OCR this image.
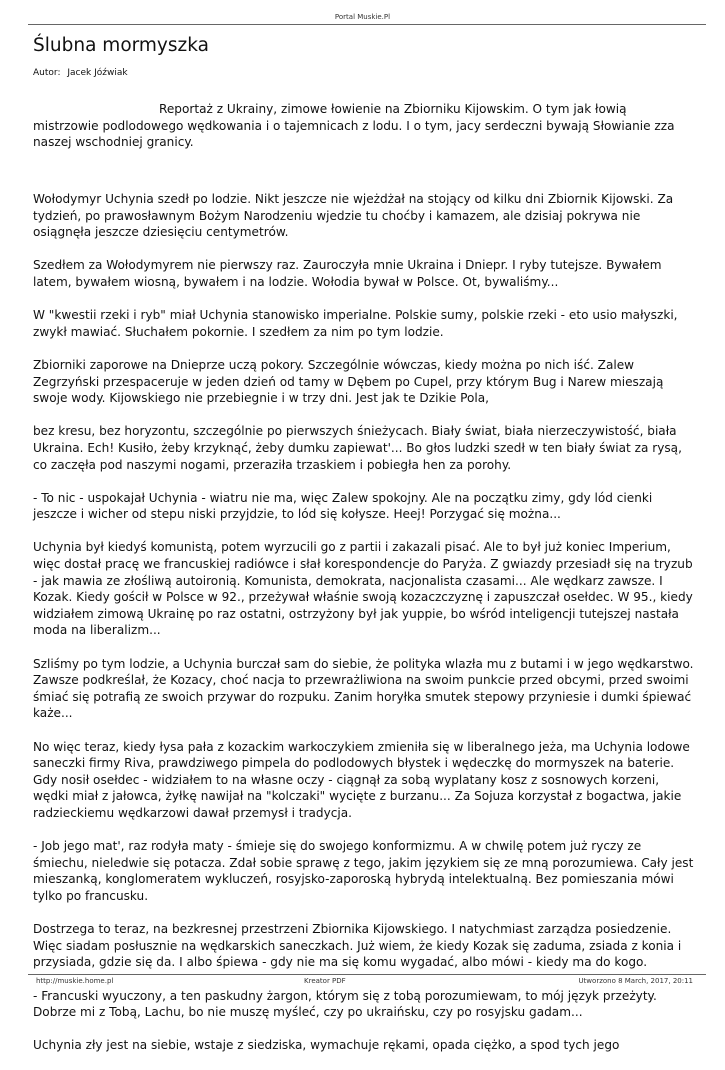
Portal Muskie.Pl
Ślubna mormyszka
Autor: Jacek Jóźwiak

Reportaż z Ukrainy, zimowe łowienie na Zbiorniku Kijowskim. O tym jak łowią mistrzowie podlodowego wędkowania i o tajemnicach z lodu. I o tym, jacy serdeczni bywają Słowianie zza naszej wschodniej granicy.

Wołodymyr Uchynia szedł po lodzie. Nikt jeszcze nie wjeżdżał na stojący od kilku dni Zbiornik Kijowski. Za tydzień, po prawosławnym Bożym Narodzeniu wjedzie tu choćby i kamazem, ale dzisiaj pokrywa nie osiągnęła jeszcze dziesięciu centymetrów.

Szedłem za Wołodymyrem nie pierwszy raz. Zauroczyła mnie Ukraina i Dniepr. I ryby tutejsze. Bywałem latem, bywałem wiosną, bywałem i na lodzie. Wołodia bywał w Polsce. Ot, bywaliśmy...

W "kwestii rzeki i ryb" miał Uchynia stanowisko imperialne. Polskie sumy, polskie rzeki - eto usio małyszki, zwykł mawiać. Słuchałem pokornie. I szedłem za nim po tym lodzie.

Zbiorniki zaporowe na Dnieprze uczą pokory. Szczególnie wówczas, kiedy można po nich iść. Zalew Zegrzyński przespaceruje w jeden dzień od tamy w Dębem po Cupel, przy którym Bug i Narew mieszają swoje wody. Kijowskiego nie przebiegnie i w trzy dni. Jest jak te Dzikie Pola,

bez kresu, bez horyzontu, szczególnie po pierwszych śnieżycach. Biały świat, biała nierzeczywistość, biała Ukraina. Ech! Kusiło, żeby krzyknąć, żeby dumku zapiewat'... Bo głos ludzki szedł w ten biały świat za rysą, co zaczęła pod naszymi nogami, przeraziła trzaskiem i pobiegła hen za porohy.

- To nic - uspokajał Uchynia - wiatru nie ma, więc Zalew spokojny. Ale na początku zimy, gdy lód cienki jeszcze i wicher od stepu niski przyjdzie, to lód się kołysze. Heej! Porzygać się można...

Uchynia był kiedyś komunistą, potem wyrzucili go z partii i zakazali pisać. Ale to był już koniec Imperium, więc dostał pracę we francuskiej radiówce i słał korespondencje do Paryża. Z gwiazdy przesiadł się na tryzub - jak mawia ze złośliwą autoironią. Komunista, demokrata, nacjonalista czasami... Ale wędkarz zawsze. I Kozak. Kiedy gościł w Polsce w 92., przeżywał właśnie swoją kozaczczyznę i zapuszczał osełdec. W 95., kiedy widziałem zimową Ukrainę po raz ostatni, ostrzyżony był jak yuppie, bo wśród inteligencji tutejszej nastała moda na liberalizm...

Szliśmy po tym lodzie, a Uchynia burczał sam do siebie, że polityka wlazła mu z butami i w jego wędkarstwo. Zawsze podkreślał, że Kozacy, choć nacja to przewrażliwiona na swoim punkcie przed obcymi, przed swoimi śmiać się potrafią ze swoich przywar do rozpuku. Zanim horyłka smutek stepowy przyniesie i dumki śpiewać każe...

No więc teraz, kiedy łysa pała z kozackim warkoczykiem zmieniła się w liberalnego jeża, ma Uchynia lodowe saneczki firmy Riva, prawdziwego pimpela do podlodowych błystek i wędeczkę do mormyszek na baterie. Gdy nosił osełdec - widziałem to na własne oczy - ciągnął za sobą wyplatany kosz z sosnowych korzeni, wędki miał z jałowca, żyłkę nawijał na "kolczaki" wycięte z burzanu... Za Sojuza korzystał z bogactwa, jakie radzieckiemu wędkarzowi dawał przemysł i tradycja.

- Job jego mat', raz rodyła maty - śmieje się do swojego konformizmu. A w chwilę potem już ryczy ze śmiechu, nieledwie się potacza. Zdał sobie sprawę z tego, jakim językiem się ze mną porozumiewa. Cały jest mieszanką, konglomeratem wykluczeń, rosyjsko-zaporoską hybrydą intelektualną. Bez pomieszania mówi tylko po francusku.

Dostrzega to teraz, na bezkresnej przestrzeni Zbiornika Kijowskiego. I natychmiast zarządza posiedzenie. Więc siadam posłusznie na wędkarskich saneczkach. Już wiem, że kiedy Kozak się zaduma, zsiada z konia i przysiada, gdzie się da. I albo śpiewa - gdy nie ma się komu wygadać, albo mówi - kiedy ma do kogo.

- Francuski wyuczony, a ten paskudny żargon, którym się z tobą porozumiewam, to mój język przeżyty. Dobrze mi z Tobą, Lachu, bo nie muszę myśleć, czy po ukraińsku, czy po rosyjsku gadam...

Uchynia zły jest na siebie, wstaje z siedziska, wymachuje rękami, opada ciężko, a spod tych jego

http://muskie.home.pl	Kreator PDF	Utworzono 8 March, 2017, 20:11
